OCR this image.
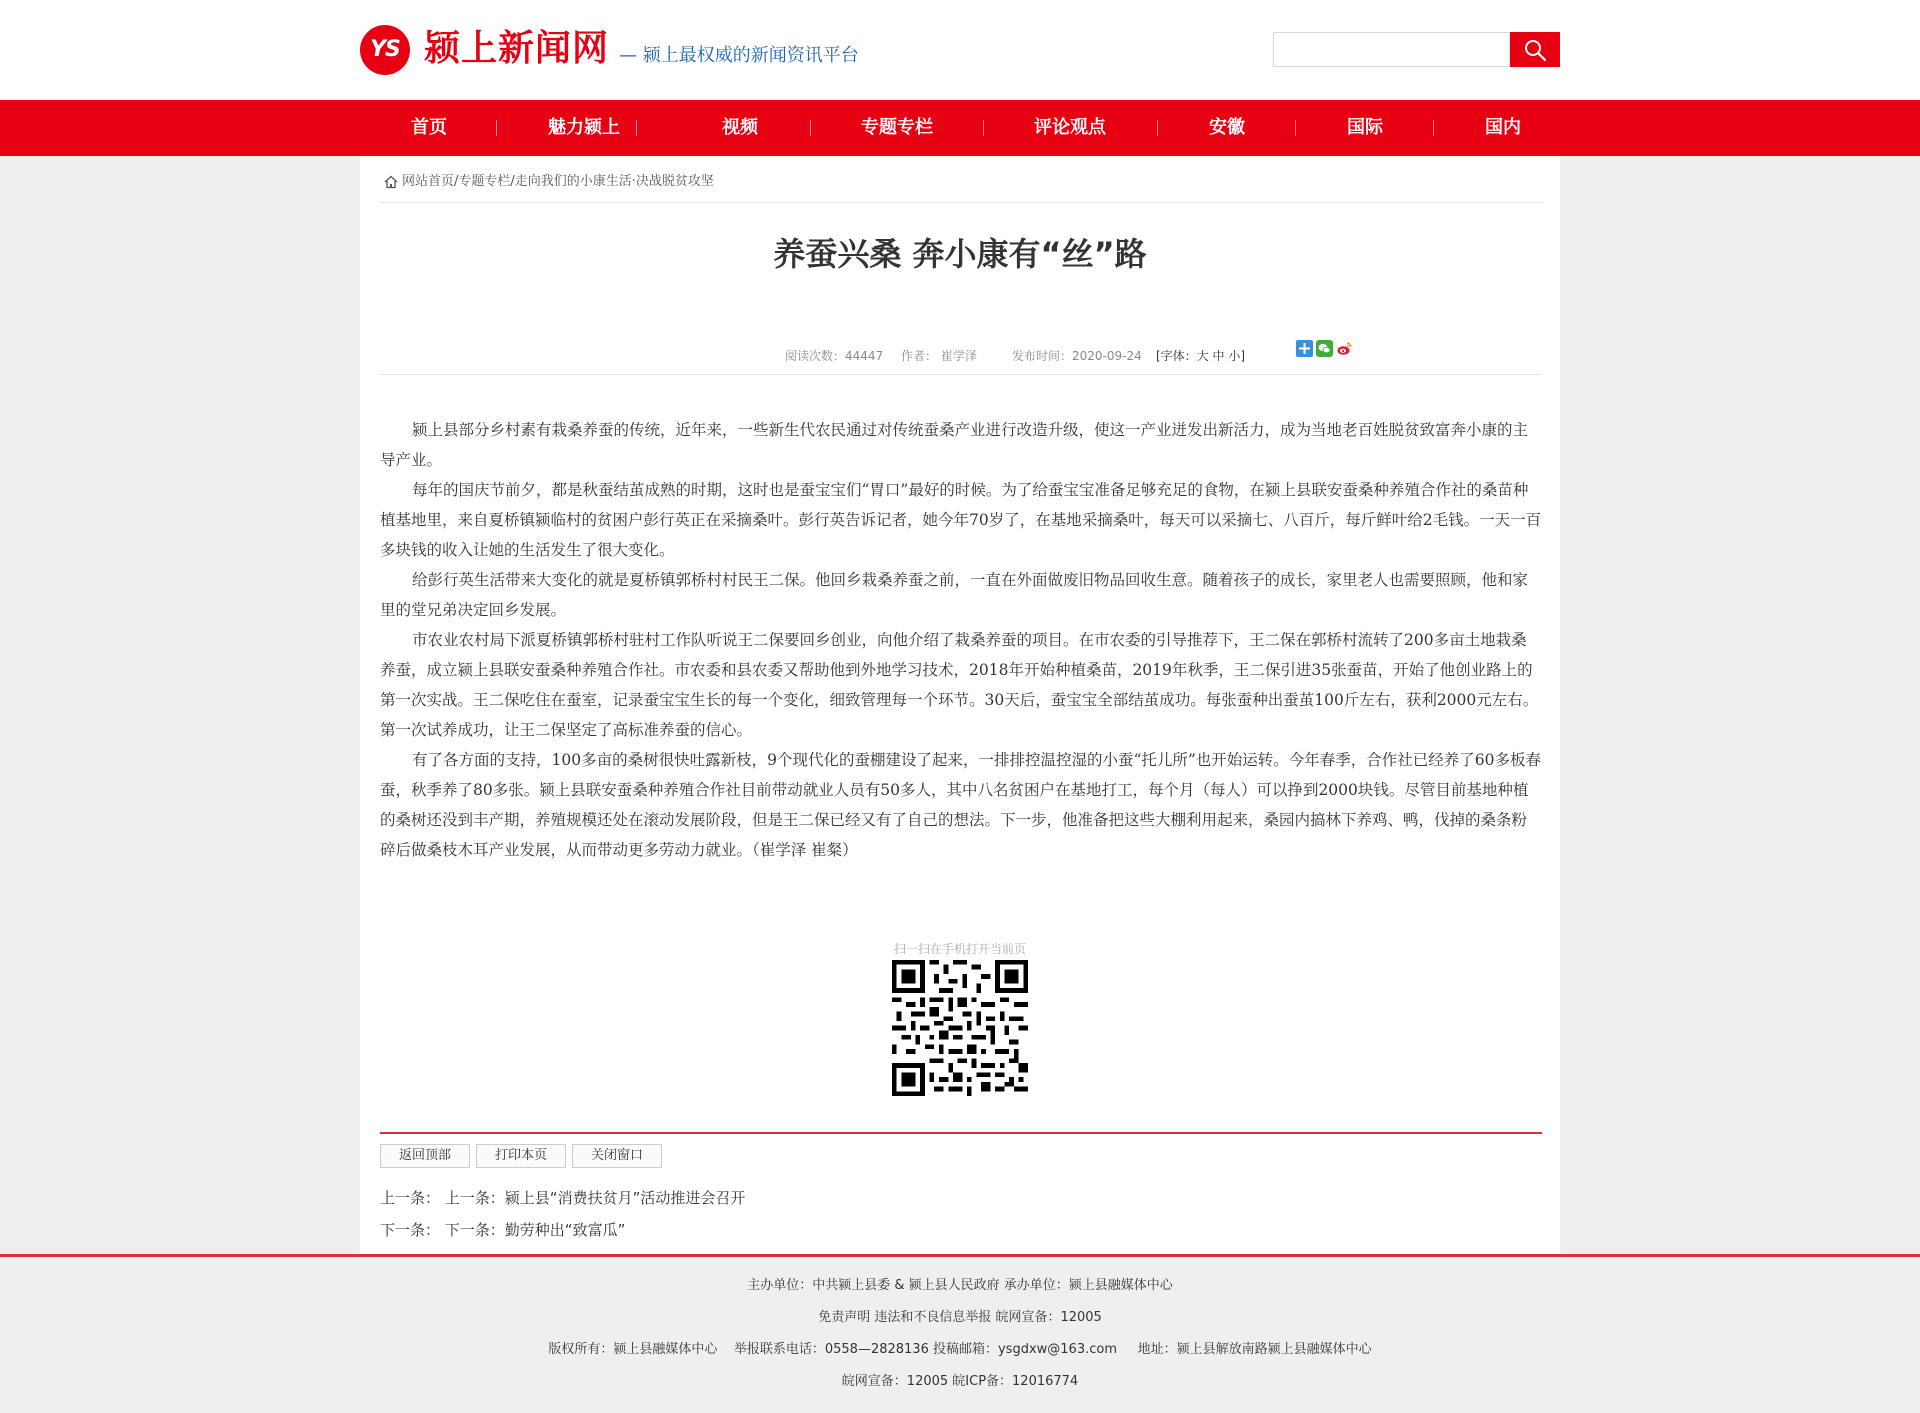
YS 颍上新闻网 — 颍上最权威的新闻资讯平台
首页	魅力颍上	视频	专题专栏	评论观点	安徽	国际	国内
网站首页/专题专栏/走向我们的小康生活·决战脱贫攻坚
养蚕兴桑 奔小康有“丝”路
阅读次数：44447 作者： 崔学泽	发布时间：2020-09-24 [字体：大 中 小]

颍上县部分乡村素有栽桑养蚕的传统，近年来，一些新生代农民通过对传统蚕桑产业进行改造升级，使这一产业迸发出新活力，成为当地老百姓脱贫致富奔小康的主导产业。

每年的国庆节前夕，都是秋蚕结茧成熟的时期，这时也是蚕宝宝们“胃口”最好的时候。为了给蚕宝宝准备足够充足的食物，在颍上县联安蚕桑种养殖合作社的桑苗种植基地里，来自夏桥镇颍临村的贫困户彭行英正在采摘桑叶。彭行英告诉记者，她今年70岁了，在基地采摘桑叶，每天可以采摘七、八百斤，每斤鲜叶给2毛钱。一天一百多块钱的收入让她的生活发生了很大变化。

给彭行英生活带来大变化的就是夏桥镇郭桥村村民王二保。他回乡栽桑养蚕之前，一直在外面做废旧物品回收生意。随着孩子的成长，家里老人也需要照顾，他和家里的堂兄弟决定回乡发展。

市农业农村局下派夏桥镇郭桥村驻村工作队听说王二保要回乡创业，向他介绍了栽桑养蚕的项目。在市农委的引导推荐下，王二保在郭桥村流转了200多亩土地栽桑养蚕，成立颍上县联安蚕桑种养殖合作社。市农委和县农委又帮助他到外地学习技术，2018年开始种植桑苗，2019年秋季，王二保引进35张蚕苗，开始了他创业路上的第一次实战。王二保吃住在蚕室，记录蚕宝宝生长的每一个变化，细致管理每一个环节。30天后，蚕宝宝全部结茧成功。每张蚕种出蚕茧100斤左右，获利2000元左右。第一次试养成功，让王二保坚定了高标准养蚕的信心。

有了各方面的支持，100多亩的桑树很快吐露新枝，9个现代化的蚕棚建设了起来，一排排控温控湿的小蚕“托儿所”也开始运转。今年春季，合作社已经养了60多板春蚕，秋季养了80多张。颍上县联安蚕桑种养殖合作社目前带动就业人员有50多人，其中八名贫困户在基地打工，每个月（每人）可以挣到2000块钱。尽管目前基地种植的桑树还没到丰产期，养殖规模还处在滚动发展阶段，但是王二保已经又有了自己的想法。下一步，他准备把这些大棚利用起来，桑园内搞林下养鸡、鸭，伐掉的桑条粉碎后做桑枝木耳产业发展，从而带动更多劳动力就业。（崔学泽 崔粲）

扫一扫在手机打开当前页
返回顶部	打印本页	关闭窗口
上一条： 上一条：颍上县“消费扶贫月”活动推进会召开
下一条： 下一条：勤劳种出“致富瓜”
主办单位：中共颍上县委 & 颍上县人民政府 承办单位：颍上县融媒体中心
免责声明 违法和不良信息举报 皖网宣备：12005
版权所有：颍上县融媒体中心    举报联系电话：0558—2828136 投稿邮箱：ysgdxw@163.com     地址：颍上县解放南路颍上县融媒体中心
皖网宣备：12005 皖ICP备：12016774
